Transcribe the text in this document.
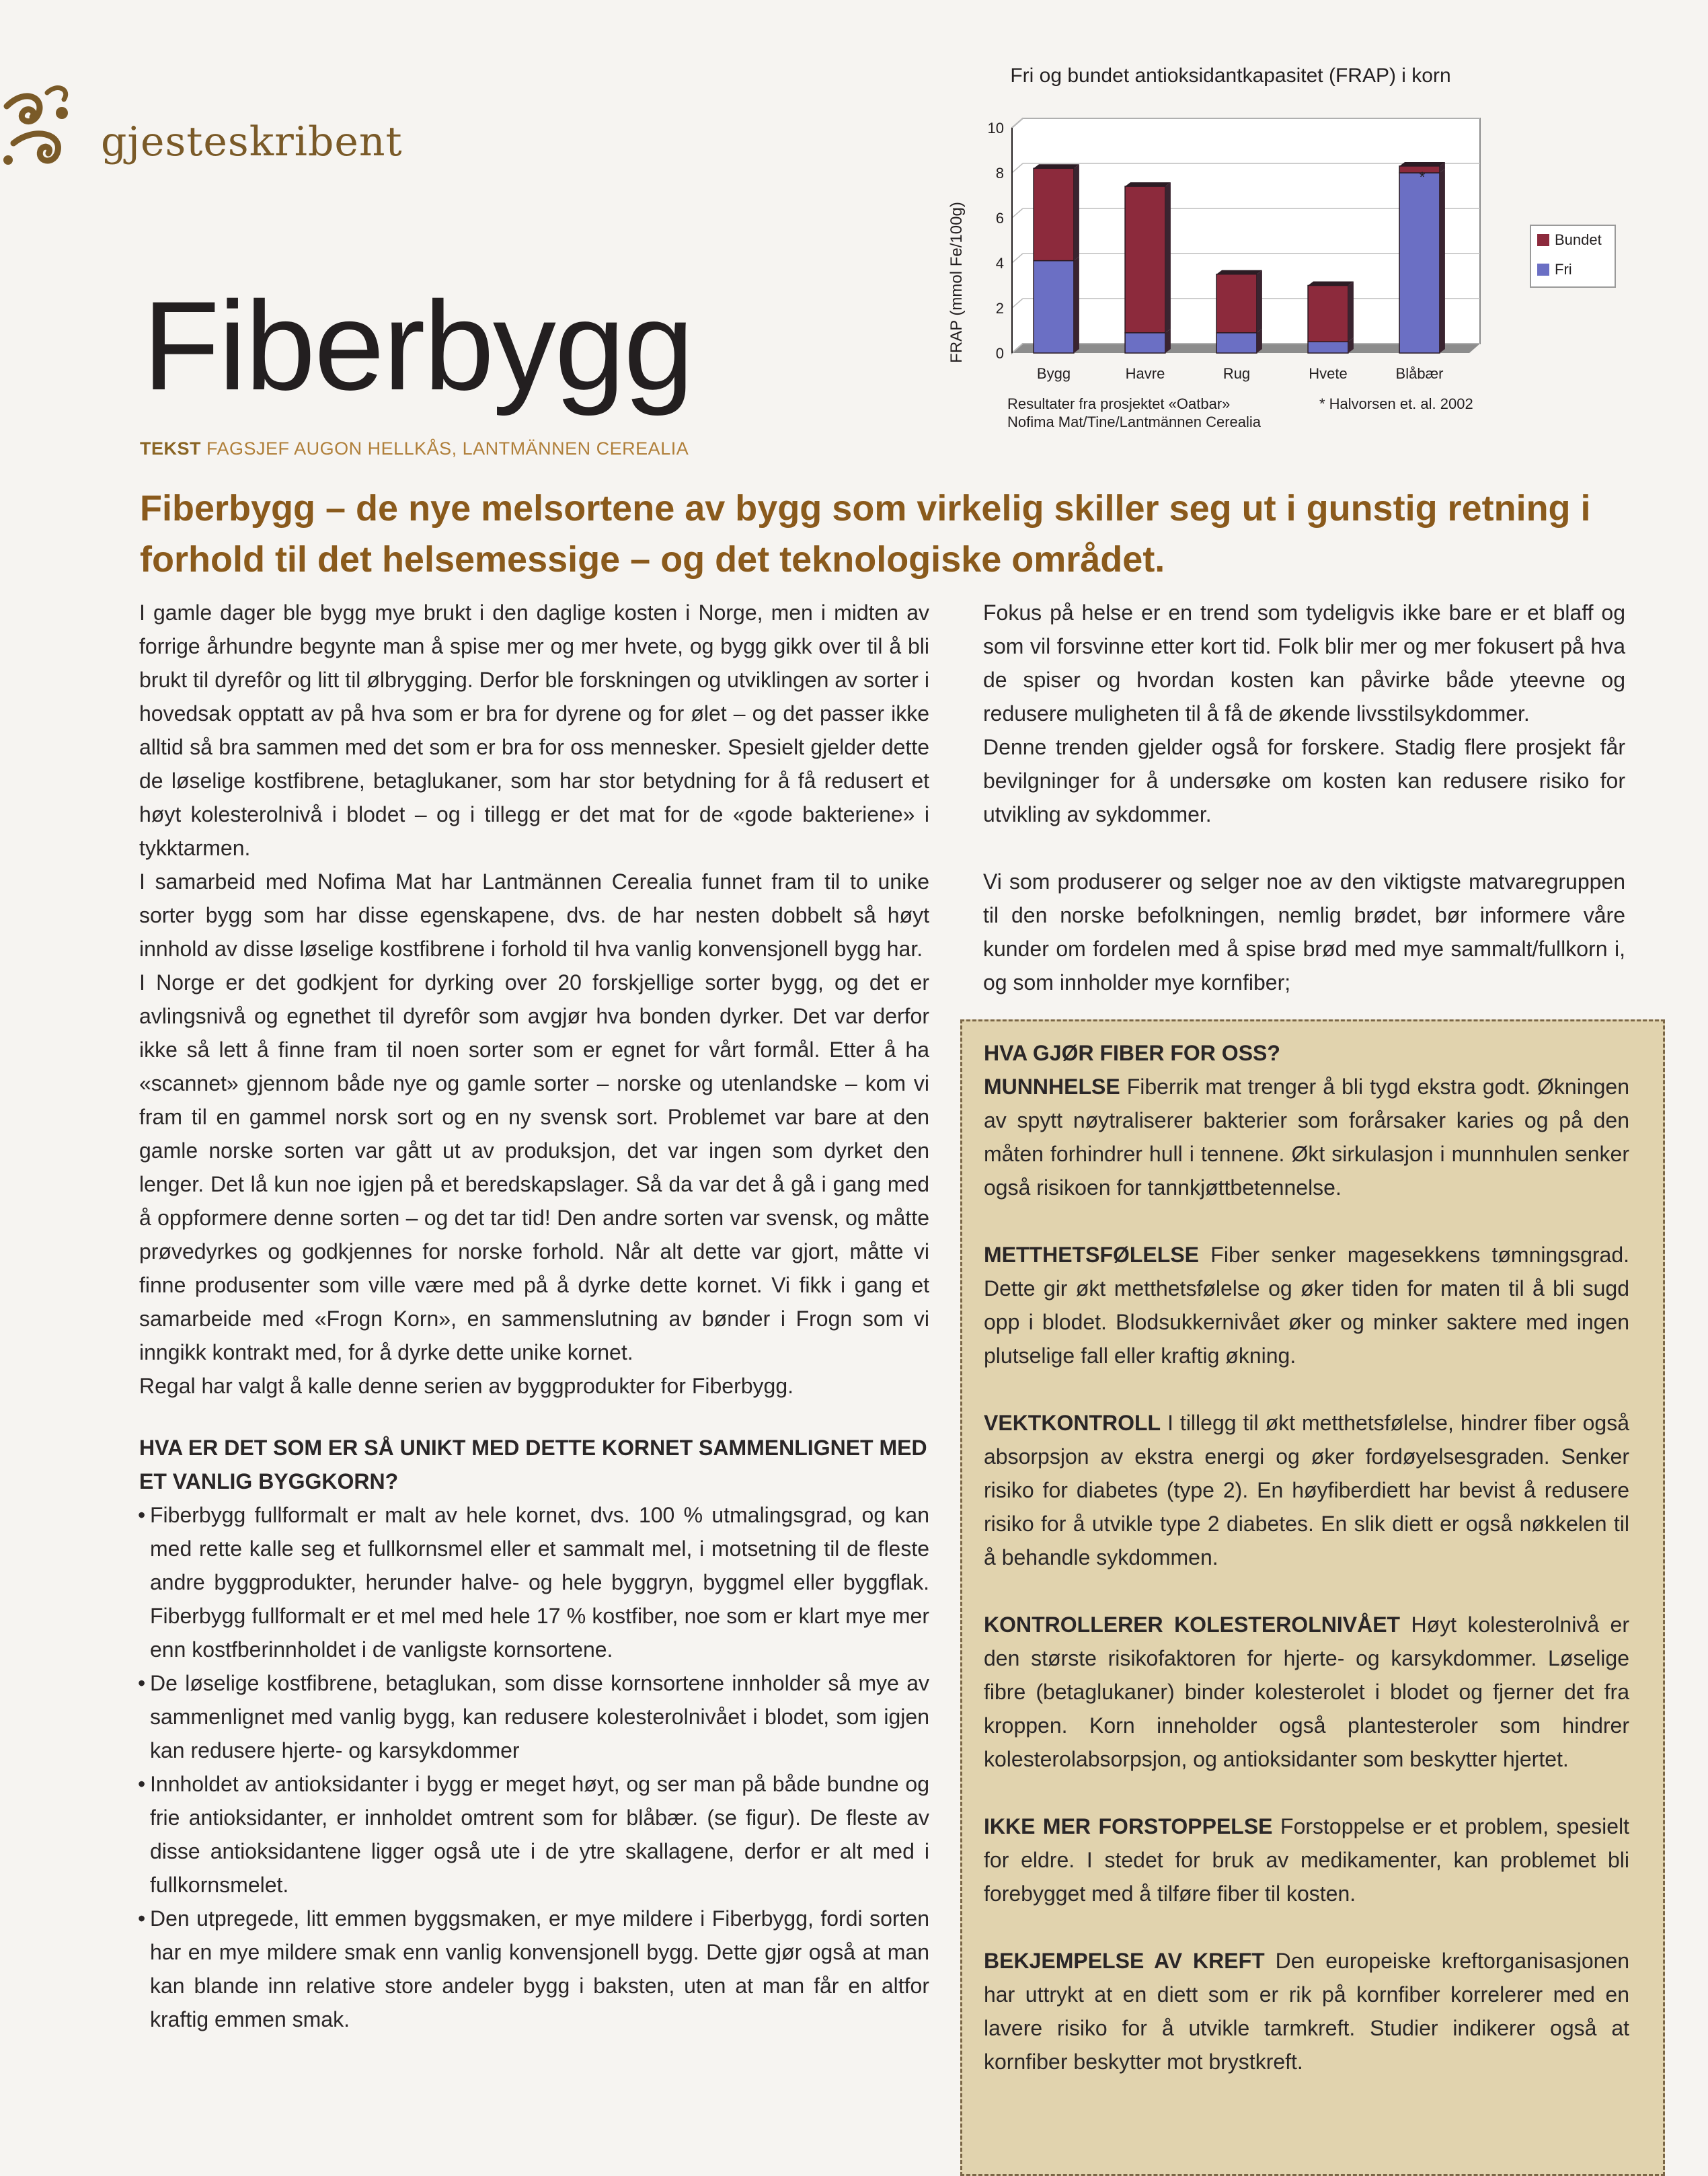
gjesteskribent
Fiberbygg
TEKST FAGSJEF AUGON HELLKÅS, LANTMÄNNEN CEREALIA
Fiberbygg – de nye melsortene av bygg som virkelig skiller seg ut i gunstig retning i forhold til det helsemessige – og det teknologiske området.
Fri og bundet antioksidantkapasitet (FRAP) i korn
FRAP (mmol Fe/100g) 0
2
4
6
8
10
Bygg	Havre	Rug	Hvete	Blåbær
*
Bundet
Fri
Resultater fra prosjektet «Oatbar»
Nofima Mat/Tine/Lantmännen Cerealia
* Halvorsen et. al. 2002

I gamle dager ble bygg mye brukt i den daglige kosten i Norge, men i midten av forrige århundre begynte man å spise mer og mer hvete, og bygg gikk over til å bli brukt til dyrefôr og litt til ølbrygging. Derfor ble forskningen og utviklingen av sorter i hovedsak opptatt av på hva som er bra for dyrene og for ølet – og det passer ikke alltid så bra sammen med det som er bra for oss mennesker. Spesielt gjelder dette de løselige kostfibrene, betaglukaner, som har stor betydning for å få redusert et høyt kolesterolnivå i blodet – og i tillegg er det mat for de «gode bakteriene» i tykktarmen.

I samarbeid med Nofima Mat har Lantmännen Cerealia funnet fram til to unike sorter bygg som har disse egenskapene, dvs. de har nesten dobbelt så høyt innhold av disse løselige kostfibrene i forhold til hva vanlig konvensjonell bygg har.

I Norge er det godkjent for dyrking over 20 forskjellige sorter bygg, og det er avlingsnivå og egnethet til dyrefôr som avgjør hva bonden dyrker. Det var derfor ikke så lett å finne fram til noen sorter som er egnet for vårt formål. Etter å ha «scannet» gjennom både nye og gamle sorter – norske og utenlandske – kom vi fram til en gammel norsk sort og en ny svensk sort. Problemet var bare at den gamle norske sorten var gått ut av produksjon, det var ingen som dyrket den lenger. Det lå kun noe igjen på et beredskapslager. Så da var det å gå i gang med å oppformere denne sorten – og det tar tid! Den andre sorten var svensk, og måtte prøvedyrkes og godkjennes for norske forhold. Når alt dette var gjort, måtte vi finne produsenter som ville være med på å dyrke dette kornet. Vi fikk i gang et samarbeide med «Frogn Korn», en sammenslutning av bønder i Frogn som vi inngikk kontrakt med, for å dyrke dette unike kornet.

Regal har valgt å kalle denne serien av byggprodukter for Fiberbygg.

HVA ER DET SOM ER SÅ UNIKT MED DETTE KORNET SAMMENLIGNET MED ET VANLIG BYGGKORN?

• Fiberbygg fullformalt er malt av hele kornet, dvs. 100 % utmalingsgrad, og kan med rette kalle seg et fullkornsmel eller et sammalt mel, i motsetning til de fleste andre byggprodukter, herunder halve- og hele byggryn, byggmel eller byggflak. Fiberbygg fullformalt er et mel med hele 17 % kostfiber, noe som er klart mye mer enn kostfberinnholdet i de vanligste kornsortene.
• De løselige kostfibrene, betaglukan, som disse kornsortene innholder så mye av sammenlignet med vanlig bygg, kan redusere kolesterolnivået i blodet, som igjen kan redusere hjerte- og karsykdommer
• Innholdet av antioksidanter i bygg er meget høyt, og ser man på både bundne og frie antioksidanter, er innholdet omtrent som for blåbær. (se figur). De fleste av disse antioksidantene ligger også ute i de ytre skallagene, derfor er alt med i fullkornsmelet.
• Den utpregede, litt emmen byggsmaken, er mye mildere i Fiberbygg, fordi sorten har en mye mildere smak enn vanlig konvensjonell bygg. Dette gjør også at man kan blande inn relative store andeler bygg i baksten, uten at man får en altfor kraftig emmen smak.

Fokus på helse er en trend som tydeligvis ikke bare er et blaff og som vil forsvinne etter kort tid. Folk blir mer og mer fokusert på hva de spiser og hvordan kosten kan påvirke både yteevne og redusere muligheten til å få de økende livsstilsykdommer.

Denne trenden gjelder også for forskere. Stadig flere prosjekt får bevilgninger for å undersøke om kosten kan redusere risiko for utvikling av sykdommer.

Vi som produserer og selger noe av den viktigste matvaregruppen til den norske befolkningen, nemlig brødet, bør informere våre kunder om fordelen med å spise brød med mye sammalt/fullkorn i, og som innholder mye kornfiber;

HVA GJØR FIBER FOR OSS?

MUNNHELSE Fiberrik mat trenger å bli tygd ekstra godt. Økningen av spytt nøytraliserer bakterier som forårsaker karies og på den måten forhindrer hull i tennene. Økt sirkulasjon i munnhulen senker også risikoen for tannkjøttbetennelse.

METTHETSFØLELSE Fiber senker magesekkens tømningsgrad. Dette gir økt metthetsfølelse og øker tiden for maten til å bli sugd opp i blodet. Blodsukkernivået øker og minker saktere med ingen plutselige fall eller kraftig økning.

VEKTKONTROLL I tillegg til økt metthetsfølelse, hindrer fiber også absorpsjon av ekstra energi og øker fordøyelsesgraden. Senker risiko for diabetes (type 2). En høyfiberdiett har bevist å redusere risiko for å utvikle type 2 diabetes. En slik diett er også nøkkelen til å behandle sykdommen.

KONTROLLERER KOLESTEROLNIVÅET Høyt kolesterolnivå er den største risikofaktoren for hjerte- og karsykdommer. Løselige fibre (betaglukaner) binder kolesterolet i blodet og fjerner det fra kroppen. Korn inneholder også plantesteroler som hindrer kolesterolabsorpsjon, og antioksidanter som beskytter hjertet.

IKKE MER FORSTOPPELSE Forstoppelse er et problem, spesielt for eldre. I stedet for bruk av medikamenter, kan problemet bli forebygget med å tilføre fiber til kosten.

BEKJEMPELSE AV KREFT Den europeiske kreftorganisasjonen har uttrykt at en diett som er rik på kornfiber korrelerer med en lavere risiko for å utvikle tarmkreft. Studier indikerer også at kornfiber beskytter mot brystkreft.
